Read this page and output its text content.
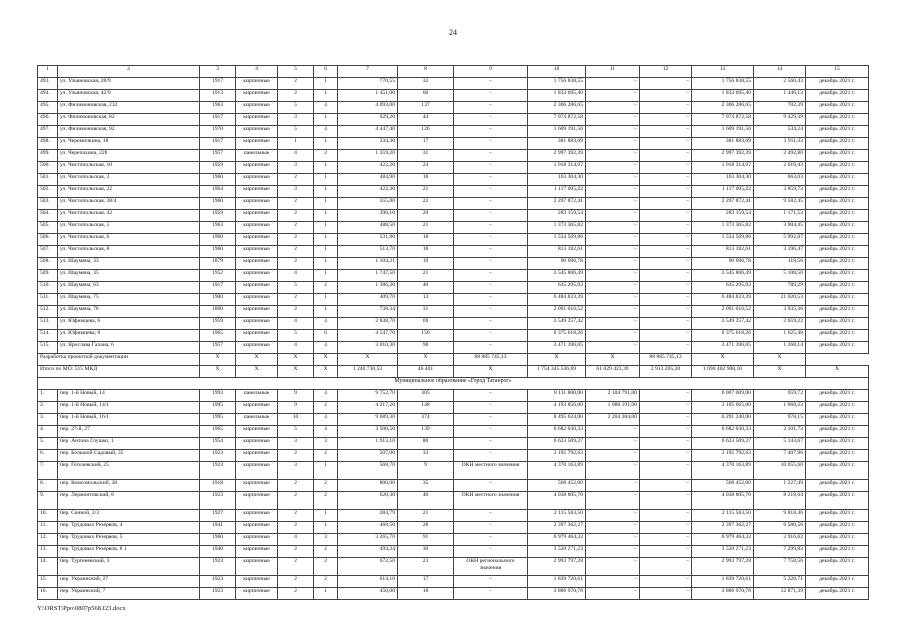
24
1	2	3	4	5	6	7	8	9	10	11	12	13	14	15
493.	ул. Ульяновская, 28/9	1917	кирпичные	2	1	770,55	32	–	1 756 838,55	–	–	1 756 838,55	2 560,43	декабрь 2021 г.
494.	ул. Ульяновская, 42/9	1913	кирпичные	2	1	1 451,00	66	–	1 833 695,40	–	–	1 833 695,40	1 446,13	декабрь 2021 г.
495.	ул. Филимоновская, 232	1963	кирпичные	5	4	4 093,00	137	–	2 306 286,65	–	–	2 306 286,65	702,39	декабрь 2021 г.
496.	ул. Филимоновская, 82	1917	кирпичные	3	1	929,20	44	–	7 074 872,58	–	–	7 074 872,58	9 429,39	декабрь 2021 г.
497.	ул. Филимоновская, 92	1970	кирпичные	5	4	4 447,40	126	–	1 609 191,56	–	–	1 609 191,56	534,24	декабрь 2021 г.
498.	ул. Черемичкина, 18	1917	кирпичные	1	1	234,30	17	–	381 883,09	–	–	381 883,09	1 911,33	декабрь 2021 г.
499.	ул. Черепахина, 228	1957	панельные	4	2	1 359,20	31	–	2 997 392,39	–	–	2 997 392,39	2 492,80	декабрь 2021 г.
500.	ул. Чистопольская, 10	1959	кирпичные	3	1	422,20	24	–	1 018 314,07	–	–	1 018 314,07	2 616,43	декабрь 2021 г.
501.	ул. Чистопольская, 2	1960	кирпичные	2	1	484,90	18	–	163 304,30	–	–	163 304,30	663,03	декабрь 2021 г.
502.	ул. Чистопольская, 22	1964	кирпичные	3	1	422,30	21	–	1 117 005,22	–	–	1 117 005,22	3 859,73	декабрь 2021 г.
503.	ул. Чистопольская, 38/4	1960	кирпичные	2	1	355,00	22	–	2 297 872,41	–	–	2 297 872,41	9 582,45	декабрь 2021 г.
504.	ул. Чистопольская, 42	1959	кирпичные	2	1	390,10	20	–	283 159,54	–	–	283 159,54	1 171,53	декабрь 2021 г.
505.	ул. Чистопольская, 5	1963	кирпичные	2	1	488,50	21	–	1 373 365,82	–	–	1 373 365,82	3 904,45	декабрь 2021 г.
506.	ул. Чистопольская, 6	1960	кирпичные	2	1	531,80	18	–	1 534 569,86	–	–	1 534 569,86	5 992,07	декабрь 2021 г.
507.	ул. Чистопольская, 8	1960	кирпичные	2	1	513,70	18	–	813 182,61	–	–	813 182,61	3 196,47	декабрь 2021 г.
508.	ул. Шаумяна, 33	1879	кирпичные	2	1	1 104,21	19	–	90 696,78	–	–	90 696,78	118,56	декабрь 2021 г.
509.	ул. Шаумяна, 35	1952	кирпичные	4	1	1 747,50	21	–	3 545 806,49	–	–	3 545 806,49	5 108,50	декабрь 2021 г.
510.	ул. Шаумяна, 63	1917	кирпичные	5	2	1 386,20	40	–	635 205,03	–	–	635 205,03	789,29	декабрь 2021 г.
511.	ул. Шаумяна, 75	1900	кирпичные	2	1	409,70	13	–	6 484 833,39	–	–	6 484 833,39	21 020,53	декабрь 2021 г.
512.	ул. Шаумяна, 78	1860	кирпичные	2	1	738,34	31	–	2 091 016,52	–	–	2 091 016,52	3 935,36	декабрь 2021 г.
513.	ул. Юфимцева, 6	1959	кирпичные	4	4	2 838,70	69	–	3 549 257,42	–	–	3 549 257,42	2 659,22	декабрь 2021 г.
514.	ул. Юфимцева, 8	1965	кирпичные	5	6	4 547,70	150	–	6 375 618,26	–	–	6 375 618,26	1 625,48	декабрь 2021 г.
515.	ул. Ярослава Галана, 6	1957	кирпичные	4	4	3 010,30	98	–	3 471 396,05	–	–	3 471 396,05	1 268,14	декабрь 2021 г.
Разработка проектной документации		X	X	X	X	X	X	88 885 745,13	X	X	88 885 745,13	X	X	
Итого по МО: 515 МКД		X	X	X	X	1 240 730,53	46 401	X	1 754 345 536,69	61 029 423,39	2 913 205,20	1 690 402 908,10	X	X
Муниципальное образование «Город Таганрог»														
1.	пер. 1-й Новый, 14	1993	панельные	9	4	9 752,70	305	–	8 111 800,00	2 104 791,00	–	6 007 009,00	959,72	декабрь 2021 г.
2.	пер. 1-й Новый, 14/1	1995	кирпичные	9	2	4 217,20	148	–	4 193 856,00	1 088 191,00	–	3 105 665,00	1 068,23	декабрь 2021 г.
3.	пер. 1-й Новый, 16/1	1995	панельные	10	4	9 689,30	374	–	8 495 624,00	2 204 384,00	–	6 291 240,00	978,15	декабрь 2021 г.
4.	пер. 27-й, 27	1965	кирпичные	5	4	3 500,50	139	–	6 682 030,33	–	–	6 682 030,33	2 101,73	декабрь 2021 г.
5.	пер. Антона Глушко, 1	1954	кирпичные	3	3	1 913,10	80	–	6 623 509,27	–	–	6 623 509,27	5 143,67	декабрь 2021 г.
6.	пер. Большой Садовый, 35	1923	кирпичные	2	2	507,00	33	–	3 195 792,63	–	–	3 195 792,63	7 407,96	декабрь 2021 г.
7.	пер. Гоголевский, 25	1923	кирпичные	3	1	568,70	9	ОКН местного значения	4 370 163,89	–	–	4 370 163,89	10 055,60	декабрь 2021 г.
8.	пер. Комсомольский, 38	1918	кирпичные	2	2	800,60	35	–	568 452,00	–	–	568 452,00	1 227,49	декабрь 2021 г.
9.	пер. Лермонтовский, 8	1923	кирпичные	2	2	620,30	40	ОКН местного значения	4 038 805,70	–	–	4 038 805,70	8 218,64	декабрь 2021 г.
10.	пер. Сенной, 2/3	1927	кирпичные	2	1	284,79	21	–	2 115 583,50	–	–	2 115 583,50	9 818,46	декабрь 2021 г.
11.	пер. Трудовых Резервов, 4	1941	кирпичные	2	1	468,50	28	–	2 397 362,27	–	–	2 397 362,27	6 580,56	декабрь 2021 г.
12.	пер. Трудовых Резервов, 5	1960	кирпичные	4	3	3 265,70	91	–	6 979 464,32	–	–	6 979 464,32	2 916,62	декабрь 2021 г.
13.	пер. Трудовых Резервов, 8 1	1940	кирпичные	2	2	494,24	30	–	3 520 271,23	–	–	3 520 271,23	7 299,83	декабрь 2021 г.
14.	пер. Тургеневский, 3	1923	кирпичные	2	2	672,50	23	ОКН регионального значения	2 993 797,28	–	–	2 993 797,28	7 758,56	декабрь 2021 г.
15.	пер. Украинский, 27	1923	кирпичные	2	2	614,10	17	–	1 839 720,61	–	–	1 839 720,61	5 228,71	декабрь 2021 г.
16.	пер. Украинский, 7	1923	кирпичные	2	1	456,00	18	–	3 806 970,78	–	–	3 806 970,78	12 871,39	декабрь 2021 г.
Y:\ORST\Ppo\0807p568.f23.docx
